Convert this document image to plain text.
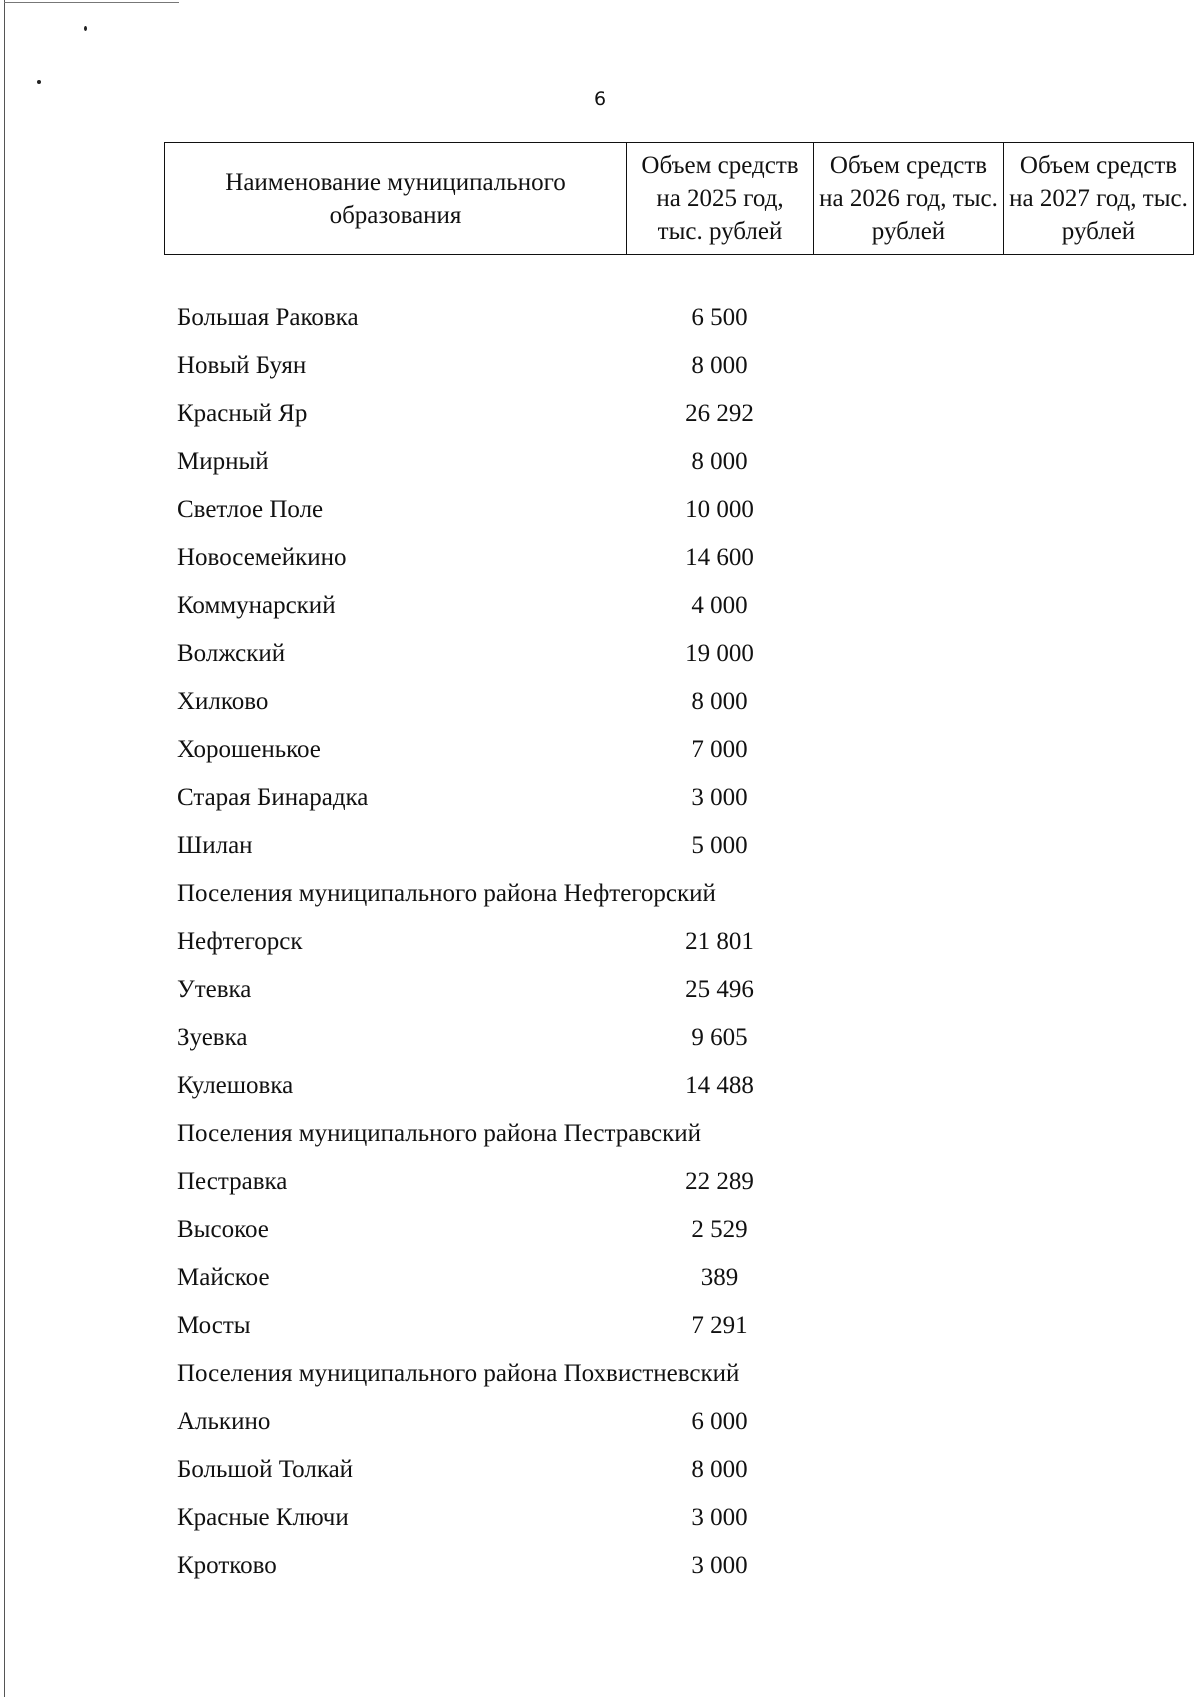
6
Наименование муниципального образования	Объем средств на 2025 год, тыс. рублей	Объем средств на 2026 год, тыс. рублей	Объем средств на 2027 год, тыс. рублей
Большая Раковка	6 500		
Новый Буян	8 000		
Красный Яр	26 292		
Мирный	8 000		
Светлое Поле	10 000		
Новосемейкино	14 600		
Коммунарский	4 000		
Волжский	19 000		
Хилково	8 000		
Хорошенькое	7 000		
Старая Бинарадка	3 000		
Шилан	5 000		
Поселения муниципального района Нефтегорский			
Нефтегорск	21 801		
Утевка	25 496		
Зуевка	9 605		
Кулешовка	14 488		
Поселения муниципального района Пестравский			
Пестравка	22 289		
Высокое	2 529		
Майское	389		
Мосты	7 291		
Поселения муниципального района Похвистневский			
Алькино	6 000		
Большой Толкай	8 000		
Красные Ключи	3 000		
Кротково	3 000		
